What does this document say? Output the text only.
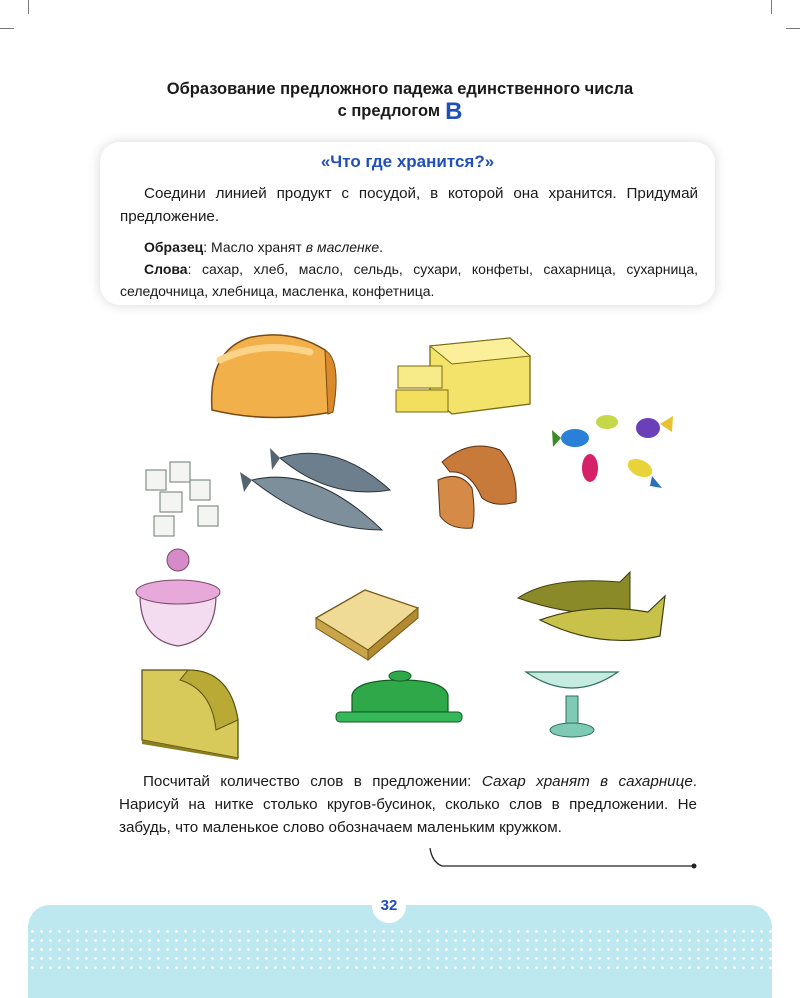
Образование предложного падежа единственного числа
с предлогом В
«Что где хранится?»

Соедини линией продукт с посудой, в которой она хранится. Придумай предложение.

Образец: Масло хранят в масленке.

Слова: сахар, хлеб, масло, сельдь, сухари, конфеты, сахарница, сухарница, селедочница, хлебница, масленка, конфетница.

Посчитай количество слов в предложении: Сахар хранят в сахарнице. Нарисуй на нитке столько кругов-бусинок, сколько слов в предложении. Не забудь, что маленькое слово обозначаем маленьким кружком.

32
